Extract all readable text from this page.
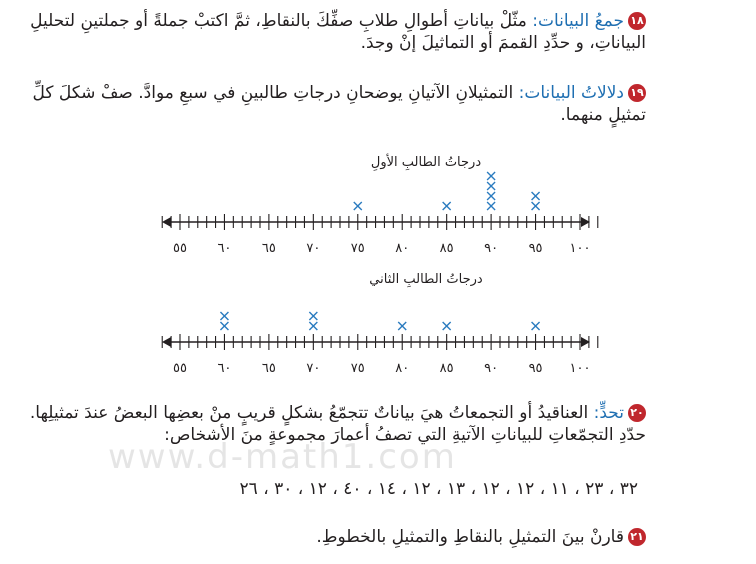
١٨جمعُ البيانات: مثّلْ بياناتِ أطوالِ طلابِ صفِّكَ بالنقاطِ، ثمَّ اكتبْ جملةً أو جملتينِ لتحليلِ البياناتِ، و حدِّدِ القممَ أو التماثيلَ إنْ وجدَ.
١٩دلالاتُ البيانات: التمثيلانِ الآتيانِ يوضحانِ درجاتِ طالبينِ في سبعِ موادَّ. صفْ شكلَ كلِّ تمثيلٍ منهما.
درجاتُ الطالبِ الأولِ
٥٥ ٦٠ ٦٥ ٧٠ ٧٥ ٨٠ ٨٥ ٩٠ ٩٥ ١٠٠
درجاتُ الطالبِ الثاني
٥٥ ٦٠ ٦٥ ٧٠ ٧٥ ٨٠ ٨٥ ٩٠ ٩٥ ١٠٠
www.d-math1.com
٢٠تحدٍّ: العناقيدُ أو التجمعاتُ هيَ بياناتٌ تتجمّعُ بشكلٍ قريبٍ منْ بعضِها البعضُ عندَ تمثيلِها. حدّدِ التجمّعاتِ للبياناتِ الآتيةِ التي تصفُ أعمارَ مجموعةٍ منَ الأشخاص:
٣٢ ، ٢٣ ، ١١ ، ١٢ ، ١٢ ، ١٣ ، ١٢ ، ١٤ ، ٤٠ ، ١٢ ، ٣٠ ، ٢٦
٢١قارنْ بينَ التمثيلِ بالنقاطِ والتمثيلِ بالخطوطِ.
